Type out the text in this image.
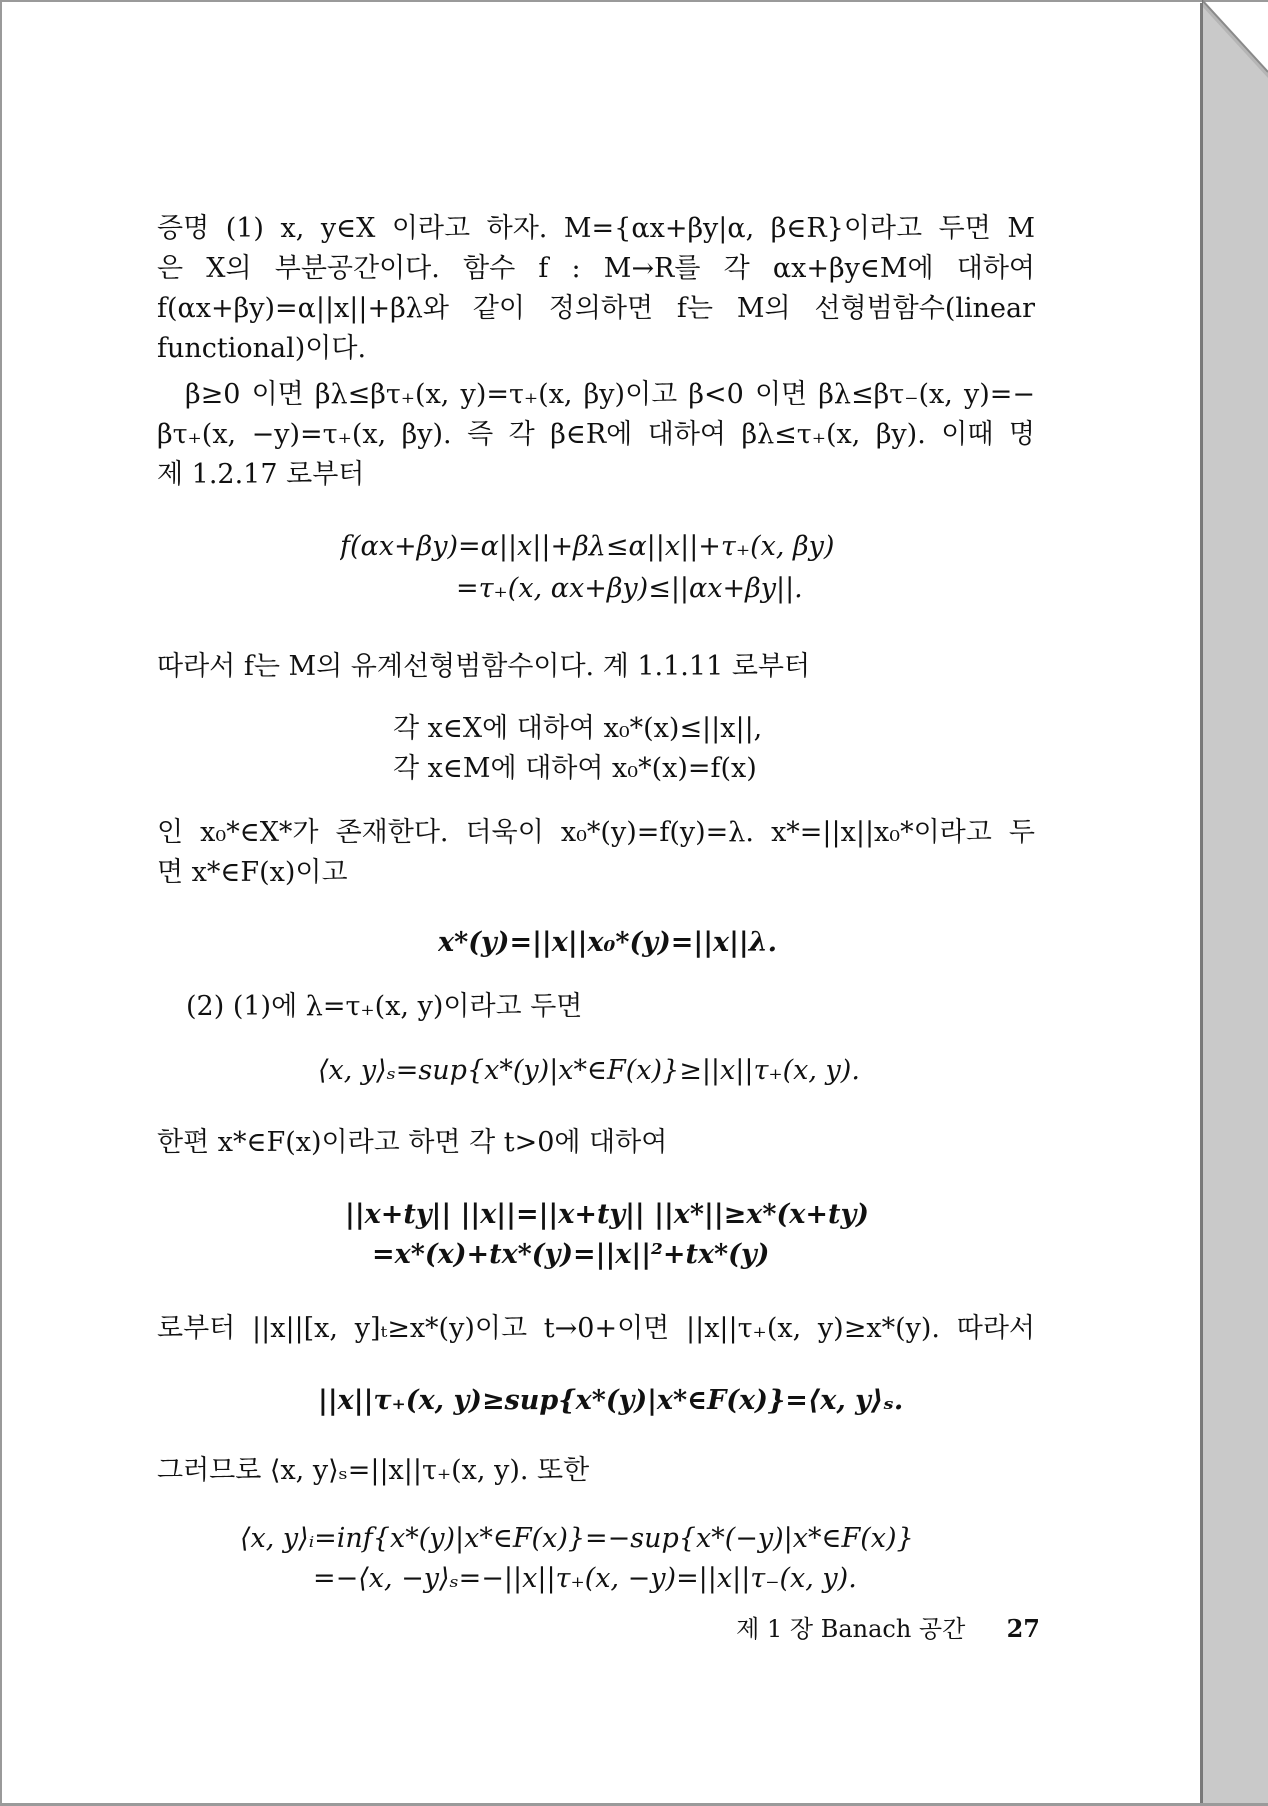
증명 (1) x, y∈X 이라고 하자. M={αx+βy|α, β∈R}이라고 두면 M
은 X의 부분공간이다. 함수 f : M→R를 각 αx+βy∈M에 대하여
f(αx+βy)=α||x||+βλ와 같이 정의하면 f는 M의 선형범함수(linear
functional)이다.
β≥0 이면 βλ≤βτ₊(x, y)=τ₊(x, βy)이고 β<0 이면 βλ≤βτ₋(x, y)=−
βτ₊(x, −y)=τ₊(x, βy). 즉 각 β∈R에 대하여 βλ≤τ₊(x, βy). 이때 명
제 1.2.17 로부터
f(αx+βy)=α||x||+βλ≤α||x||+τ₊(x, βy)
=τ₊(x, αx+βy)≤||αx+βy||.
따라서 f는 M의 유계선형범함수이다. 계 1.1.11 로부터
각 x∈X에 대하여 x₀*(x)≤||x||,
각 x∈M에 대하여 x₀*(x)=f(x)
인 x₀*∈X*가 존재한다. 더욱이 x₀*(y)=f(y)=λ. x*=||x||x₀*이라고 두
면 x*∈F(x)이고
x*(y)=||x||x₀*(y)=||x||λ.
(2) (1)에 λ=τ₊(x, y)이라고 두면
⟨x, y⟩ₛ=sup{x*(y)|x*∈F(x)}≥||x||τ₊(x, y).
한편 x*∈F(x)이라고 하면 각 t>0에 대하여
||x+ty|| ||x||=||x+ty|| ||x*||≥x*(x+ty)
=x*(x)+tx*(y)=||x||²+tx*(y)
로부터 ||x||[x, y]ₜ≥x*(y)이고 t→0+이면 ||x||τ₊(x, y)≥x*(y). 따라서
||x||τ₊(x, y)≥sup{x*(y)|x*∈F(x)}=⟨x, y⟩ₛ.
그러므로 ⟨x, y⟩ₛ=||x||τ₊(x, y). 또한
⟨x, y⟩ᵢ=inf{x*(y)|x*∈F(x)}=−sup{x*(−y)|x*∈F(x)}
=−⟨x, −y⟩ₛ=−||x||τ₊(x, −y)=||x||τ₋(x, y).
제 1 장 Banach 공간 27
